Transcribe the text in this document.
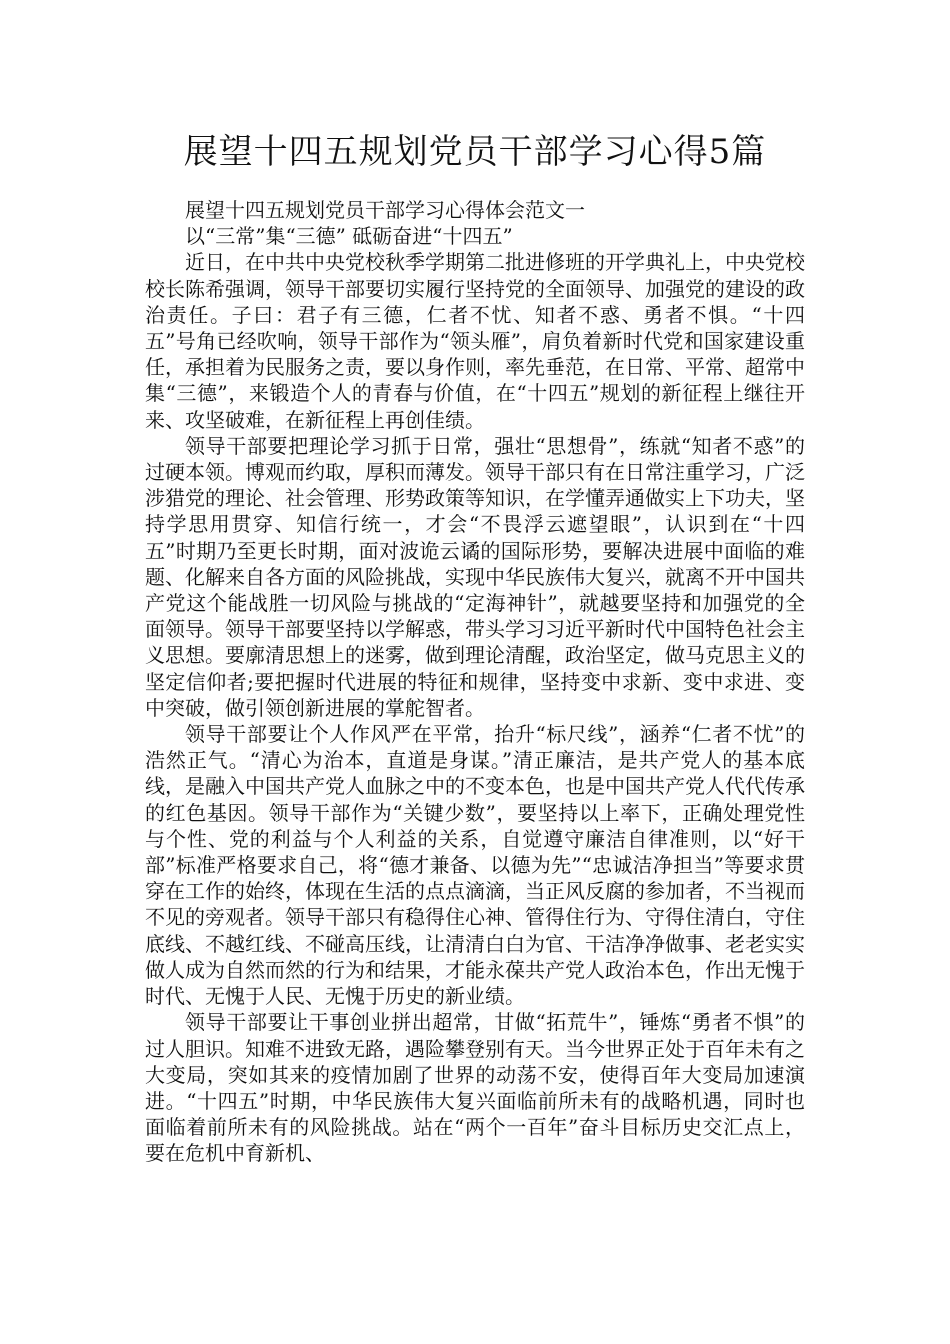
展望十四五规划党员干部学习心得5篇

展望十四五规划党员干部学习心得体会范文一

以“三常”集“三德” 砥砺奋进“十四五”

近日，在中共中央党校秋季学期第二批进修班的开学典礼上，中央党校校长陈希强调，领导干部要切实履行坚持党的全面领导、加强党的建设的政治责任。子曰：君子有三德，仁者不忧、知者不惑、勇者不惧。“十四五”号角已经吹响，领导干部作为“领头雁”，肩负着新时代党和国家建设重任，承担着为民服务之责，要以身作则，率先垂范，在日常、平常、超常中集“三德”，来锻造个人的青春与价值，在“十四五”规划的新征程上继往开来、攻坚破难，在新征程上再创佳绩。

领导干部要把理论学习抓于日常，强壮“思想骨”，练就“知者不惑”的过硬本领。博观而约取，厚积而薄发。领导干部只有在日常注重学习，广泛涉猎党的理论、社会管理、形势政策等知识，在学懂弄通做实上下功夫，坚持学思用贯穿、知信行统一，才会“不畏浮云遮望眼”，认识到在“十四五”时期乃至更长时期，面对波诡云谲的国际形势，要解决进展中面临的难题、化解来自各方面的风险挑战，实现中华民族伟大复兴，就离不开中国共产党这个能战胜一切风险与挑战的“定海神针”，就越要坚持和加强党的全面领导。领导干部要坚持以学解惑，带头学习习近平新时代中国特色社会主义思想。要廓清思想上的迷雾，做到理论清醒，政治坚定，做马克思主义的坚定信仰者;要把握时代进展的特征和规律，坚持变中求新、变中求进、变中突破，做引领创新进展的掌舵智者。

领导干部要让个人作风严在平常，抬升“标尺线”，涵养“仁者不忧”的浩然正气。“清心为治本，直道是身谋。”清正廉洁，是共产党人的基本底线，是融入中国共产党人血脉之中的不变本色，也是中国共产党人代代传承的红色基因。领导干部作为“关键少数”，要坚持以上率下，正确处理党性与个性、党的利益与个人利益的关系，自觉遵守廉洁自律准则，以“好干部”标准严格要求自己，将“德才兼备、以德为先”“忠诚洁净担当”等要求贯穿在工作的始终，体现在生活的点点滴滴，当正风反腐的参加者，不当视而不见的旁观者。领导干部只有稳得住心神、管得住行为、守得住清白，守住底线、不越红线、不碰高压线，让清清白白为官、干洁净净做事、老老实实做人成为自然而然的行为和结果，才能永葆共产党人政治本色，作出无愧于时代、无愧于人民、无愧于历史的新业绩。

领导干部要让干事创业拼出超常，甘做“拓荒牛”，锤炼“勇者不惧”的过人胆识。知难不进致无路，遇险攀登别有天。当今世界正处于百年未有之大变局，突如其来的疫情加剧了世界的动荡不安，使得百年大变局加速演进。“十四五”时期，中华民族伟大复兴面临前所未有的战略机遇，同时也面临着前所未有的风险挑战。站在“两个一百年”奋斗目标历史交汇点上，要在危机中育新机、
